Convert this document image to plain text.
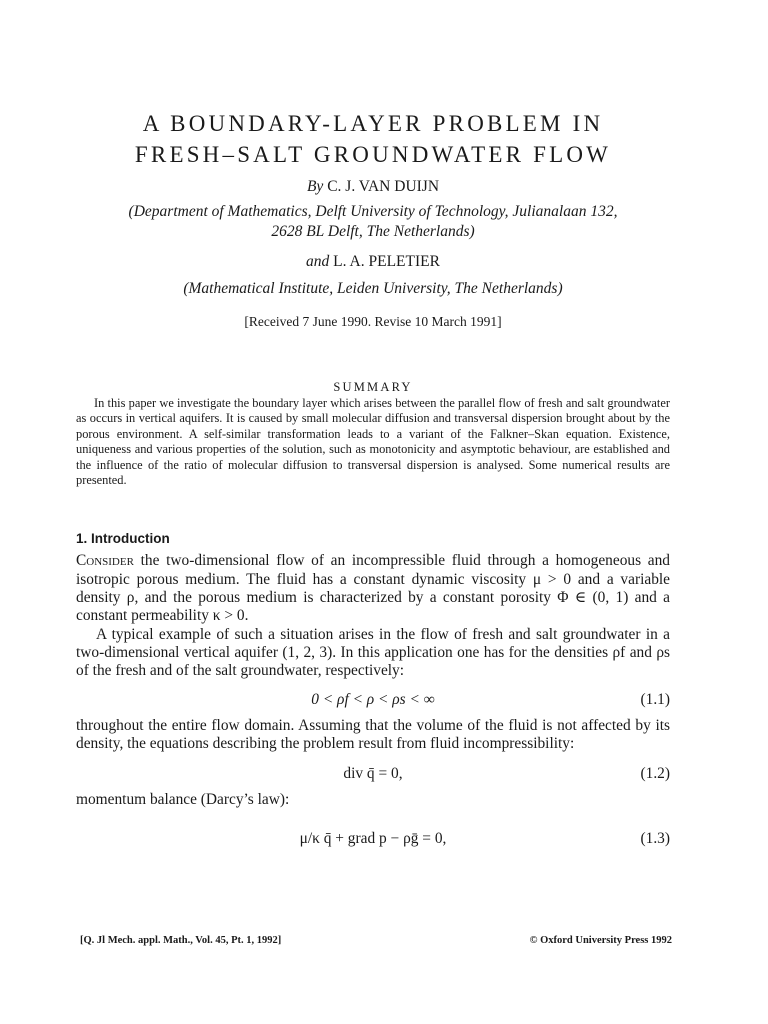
A BOUNDARY-LAYER PROBLEM IN
FRESH–SALT GROUNDWATER FLOW
By C. J. VAN DUIJN
(Department of Mathematics, Delft University of Technology, Julianalaan 132,
2628 BL Delft, The Netherlands)
and L. A. PELETIER
(Mathematical Institute, Leiden University, The Netherlands)
[Received 7 June 1990. Revise 10 March 1991]
SUMMARY

In this paper we investigate the boundary layer which arises between the parallel flow of fresh and salt groundwater as occurs in vertical aquifers. It is caused by small molecular diffusion and transversal dispersion brought about by the porous environment. A self-similar transformation leads to a variant of the Falkner–Skan equation. Existence, uniqueness and various properties of the solution, such as monotonicity and asymptotic behaviour, are established and the influence of the ratio of molecular diffusion to transversal dispersion is analysed. Some numerical results are presented.

1. Introduction

Consider the two-dimensional flow of an incompressible fluid through a homogeneous and isotropic porous medium. The fluid has a constant dynamic viscosity μ > 0 and a variable density ρ, and the porous medium is characterized by a constant porosity Φ ∈ (0, 1) and a constant permeability κ > 0.

A typical example of such a situation arises in the flow of fresh and salt groundwater in a two-dimensional vertical aquifer (1, 2, 3). In this application one has for the densities ρf and ρs of the fresh and of the salt groundwater, respectively:

0 < ρf < ρ < ρs < ∞	(1.1)

throughout the entire flow domain. Assuming that the volume of the fluid is not affected by its density, the equations describing the problem result from fluid incompressibility:

div q̄ = 0,	(1.2)

momentum balance (Darcy’s law):

μ/κ q̄ + grad p − ρḡ = 0,	(1.3)
[Q. Jl Mech. appl. Math., Vol. 45, Pt. 1, 1992]	© Oxford University Press 1992
